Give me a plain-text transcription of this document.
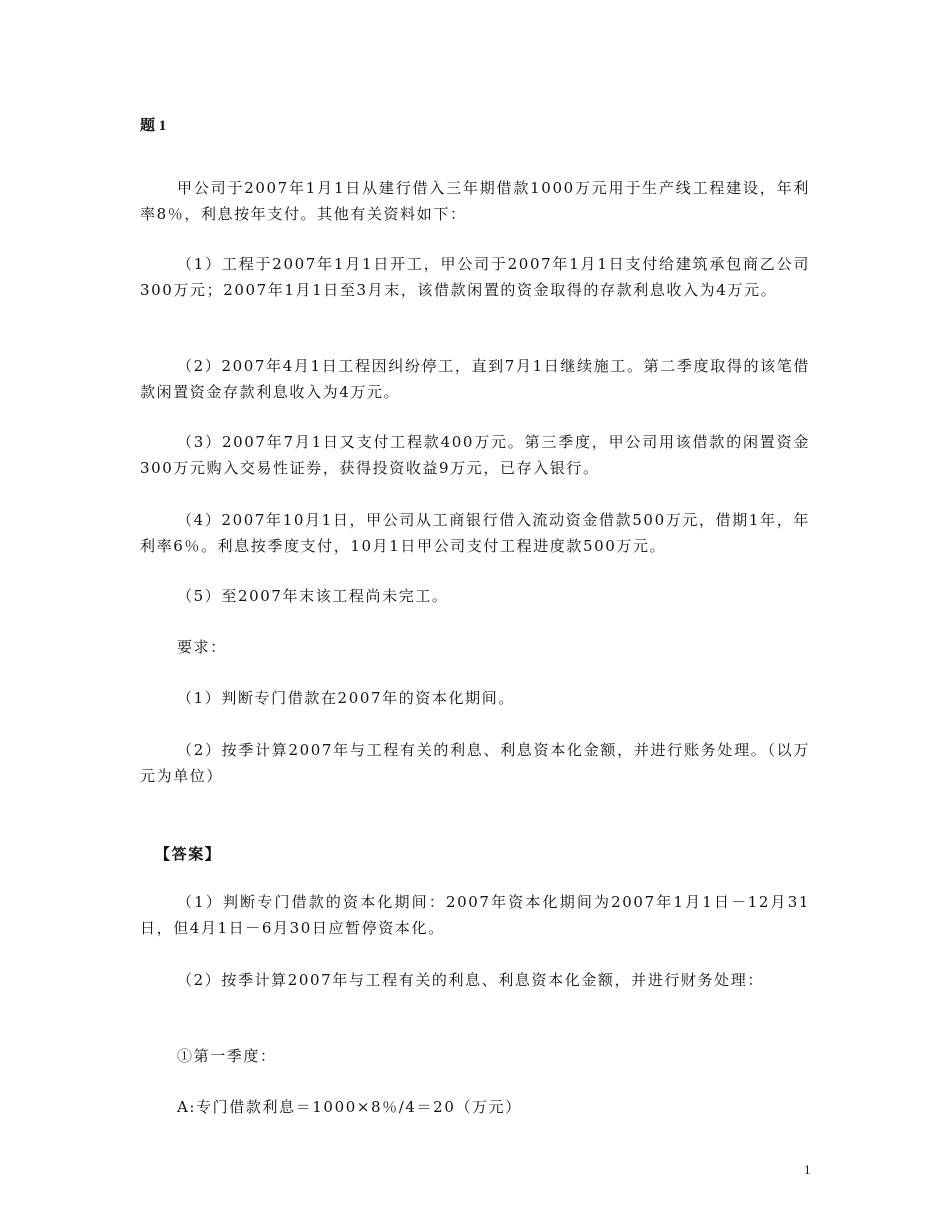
题 1

甲公司于2007年1月1日从建行借入三年期借款1000万元用于生产线工程建设，年利率8％，利息按年支付。其他有关资料如下：

（1）工程于2007年1月1日开工，甲公司于2007年1月1日支付给建筑承包商乙公司300万元；2007年1月1日至3月末，该借款闲置的资金取得的存款利息收入为4万元。

（2）2007年4月1日工程因纠纷停工，直到7月1日继续施工。第二季度取得的该笔借款闲置资金存款利息收入为4万元。

（3）2007年7月1日又支付工程款400万元。第三季度，甲公司用该借款的闲置资金300万元购入交易性证券，获得投资收益9万元，已存入银行。

（4）2007年10月1日，甲公司从工商银行借入流动资金借款500万元，借期1年，年利率6％。利息按季度支付，10月1日甲公司支付工程进度款500万元。

（5）至2007年末该工程尚未完工。

要求：

（1）判断专门借款在2007年的资本化期间。

（2）按季计算2007年与工程有关的利息、利息资本化金额，并进行账务处理。（以万元为单位）

【答案】

（1）判断专门借款的资本化期间：2007年资本化期间为2007年1月1日－12月31日，但4月1日－6月30日应暂停资本化。

（2）按季计算2007年与工程有关的利息、利息资本化金额，并进行财务处理：

①第一季度：

A:专门借款利息＝1000×8％/4＝20（万元）

1
